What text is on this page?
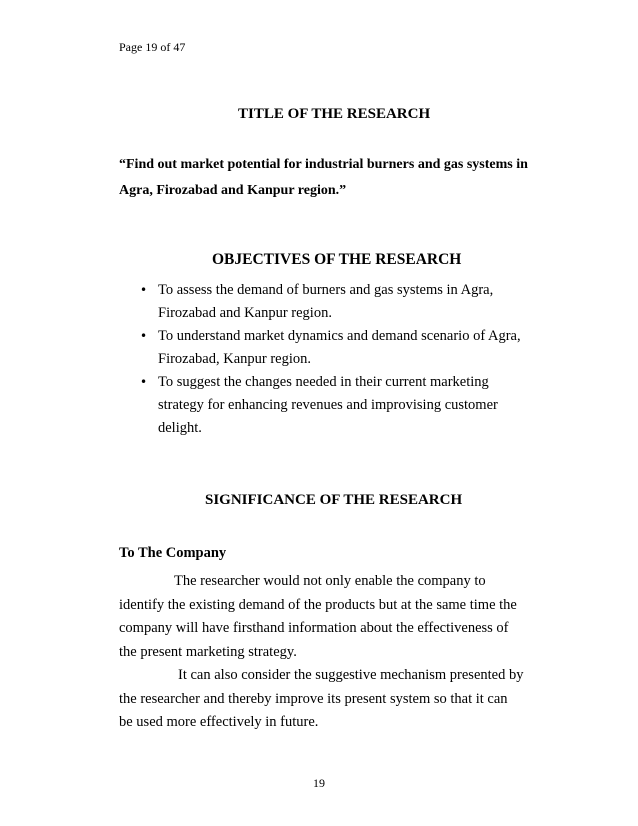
Page 19 of 47
TITLE OF THE RESEARCH
“Find out market potential for industrial burners and gas systems in
Agra, Firozabad and Kanpur region.”
OBJECTIVES OF THE RESEARCH
• To assess the demand of burners and gas systems in Agra,
Firozabad and Kanpur region.
• To understand market dynamics and demand scenario of Agra,
Firozabad, Kanpur region.
• To suggest the changes needed in their current marketing
strategy for enhancing revenues and improvising customer
delight.
SIGNIFICANCE OF THE RESEARCH
To The Company
The researcher would not only enable the company to
identify the existing demand of the products but at the same time the
company will have firsthand information about the effectiveness of
the present marketing strategy.
It can also consider the suggestive mechanism presented by
the researcher and thereby improve its present system so that it can
be used more effectively in future.
19
